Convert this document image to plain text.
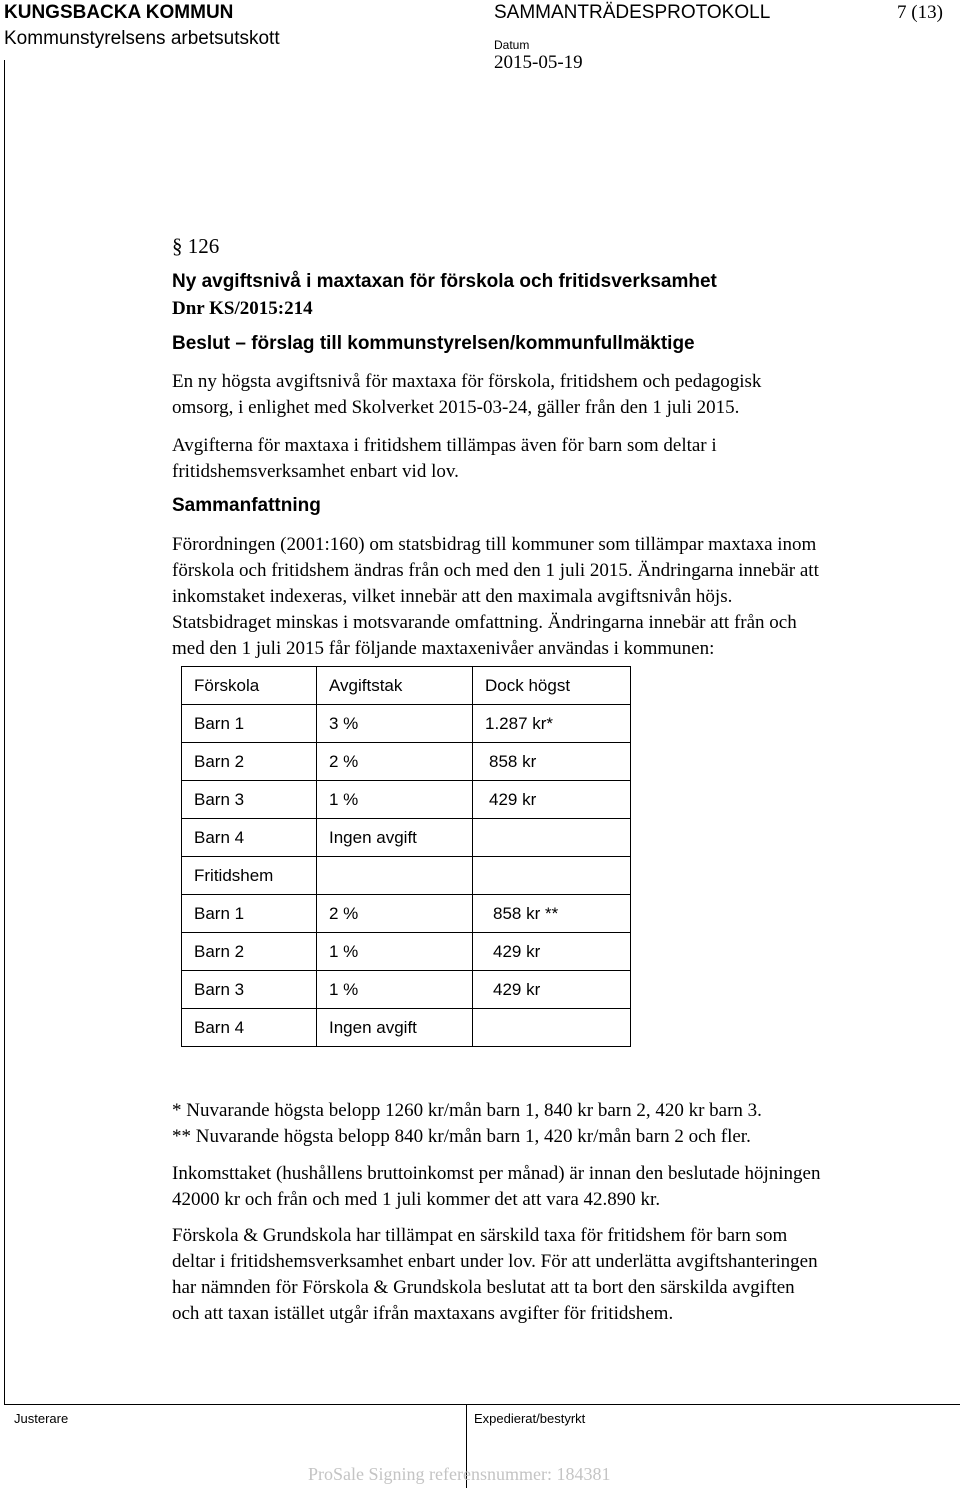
KUNGSBACKA KOMMUN
Kommunstyrelsens arbetsutskott
SAMMANTRÄDESPROTOKOLL	7 (13)
Datum
2015-05-19
§ 126
Ny avgiftsnivå i maxtaxan för förskola och fritidsverksamhet
Dnr KS/2015:214
Beslut – förslag till kommunstyrelsen/kommunfullmäktige
En ny högsta avgiftsnivå för maxtaxa för förskola, fritidshem och pedagogisk
omsorg, i enlighet med Skolverket 2015-03-24, gäller från den 1 juli 2015.
Avgifterna för maxtaxa i fritidshem tillämpas även för barn som deltar i
fritidshemsverksamhet enbart vid lov.
Sammanfattning
Förordningen (2001:160) om statsbidrag till kommuner som tillämpar maxtaxa inom
förskola och fritidshem ändras från och med den 1 juli 2015. Ändringarna innebär att
inkomstaket indexeras, vilket innebär att den maximala avgiftsnivån höjs.
Statsbidraget minskas i motsvarande omfattning. Ändringarna innebär att från och
med den 1 juli 2015 får följande maxtaxenivåer användas i kommunen:
Förskola	Avgiftstak	Dock högst
Barn 1	3 %	1.287 kr*
Barn 2	2 %	858 kr
Barn 3	1 %	429 kr
Barn 4	Ingen avgift	
Fritidshem		
Barn 1	2 %	858 kr **
Barn 2	1 %	429 kr
Barn 3	1 %	429 kr
Barn 4	Ingen avgift	
* Nuvarande högsta belopp 1260 kr/mån barn 1, 840 kr barn 2, 420 kr barn 3.
** Nuvarande högsta belopp 840 kr/mån barn 1, 420 kr/mån barn 2 och fler.
Inkomsttaket (hushållens bruttoinkomst per månad) är innan den beslutade höjningen
42000 kr och från och med 1 juli kommer det att vara 42.890 kr.
Förskola & Grundskola har tillämpat en särskild taxa för fritidshem för barn som
deltar i fritidshemsverksamhet enbart under lov. För att underlätta avgiftshanteringen
har nämnden för Förskola & Grundskola beslutat att ta bort den särskilda avgiften
och att taxan istället utgår ifrån maxtaxans avgifter för fritidshem.
Justerare	Expedierat/bestyrkt
ProSale Signing referensnummer: 184381
